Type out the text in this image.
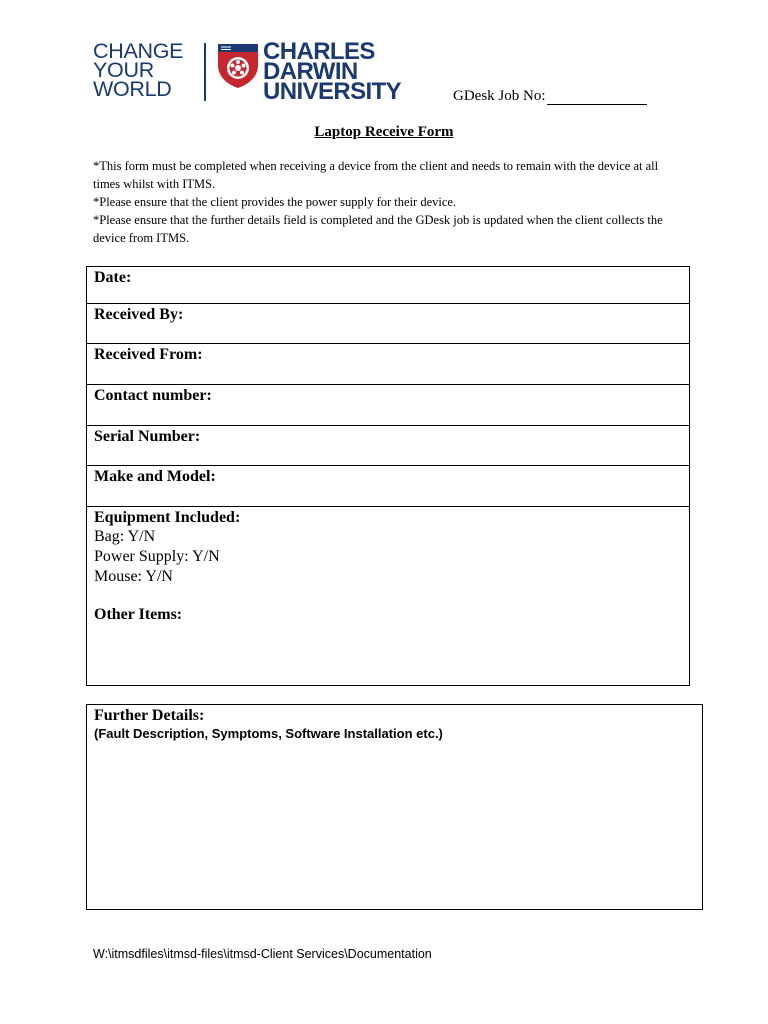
CHANGE
YOUR
WORLD
CHARLES
DARWIN
UNIVERSITY	GDesk Job No:
Laptop Receive Form

*This form must be completed when receiving a device from the client and needs to remain with the device at all times whilst with ITMS.

*Please ensure that the client provides the power supply for their device.

*Please ensure that the further details field is completed and the GDesk job is updated when the client collects the device from ITMS.

Date:
Received By:
Received From:
Contact number:
Serial Number:
Make and Model:
Equipment Included:
Bag: Y/N
Power Supply: Y/N
Mouse: Y/N
Other Items:
Further Details:
(Fault Description, Symptoms, Software Installation etc.)
W:\itmsdfiles\itmsd-files\itmsd-Client Services\Documentation
